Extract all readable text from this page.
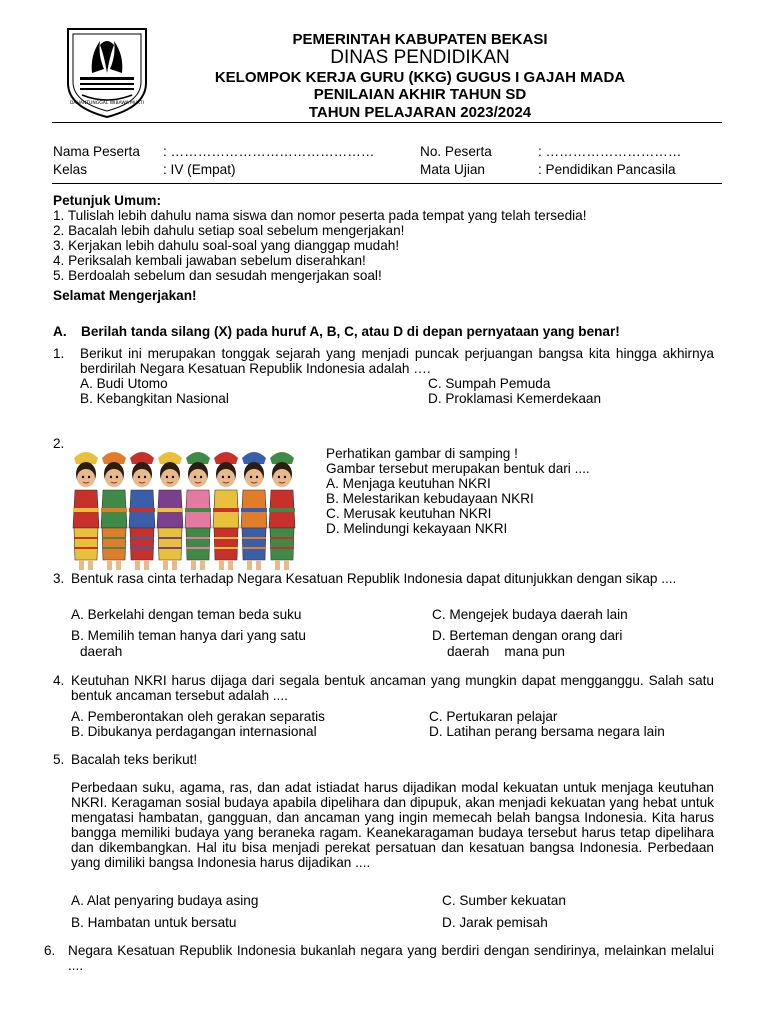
DAHANTUNGGAL WIBAWA MUKTI
PEMERINTAH KABUPATEN BEKASI
DINAS PENDIDIKAN
KELOMPOK KERJA GURU (KKG) GUGUS I GAJAH MADA
PENILAIAN AKHIR TAHUN SD
TAHUN PELAJARAN 2023/2024
Nama Peserta : ………………………………………	No. Peserta	: …………………………
Kelas	: IV (Empat)	Mata Ujian	: Pendidikan Pancasila
Petunjuk Umum:
1. Tulislah lebih dahulu nama siswa dan nomor peserta pada tempat yang telah tersedia!
2. Bacalah lebih dahulu setiap soal sebelum mengerjakan!
3. Kerjakan lebih dahulu soal-soal yang dianggap mudah!
4. Periksalah kembali jawaban sebelum diserahkan!
5. Berdoalah sebelum dan sesudah mengerjakan soal!
Selamat Mengerjakan!
A. Berilah tanda silang (X) pada huruf A, B, C, atau D di depan pernyataan yang benar!
1. Berikut ini merupakan tonggak sejarah yang menjadi puncak perjuangan bangsa kita hingga akhirnya berdirilah Negara Kesatuan Republik Indonesia adalah ….
A. Budi Utomo
B. Kebangkitan Nasional
C. Sumpah Pemuda
D. Proklamasi Kemerdekaan
2.
Perhatikan gambar di samping !
Gambar tersebut merupakan bentuk dari ....
A. Menjaga keutuhan NKRI
B. Melestarikan kebudayaan NKRI
C. Merusak keutuhan NKRI
D. Melindungi kekayaan NKRI
3. Bentuk rasa cinta terhadap Negara Kesatuan Republik Indonesia dapat ditunjukkan dengan sikap ....
A. Berkelahi dengan teman beda suku
B. Memilih teman hanya dari yang satu
daerah
C. Mengejek budaya daerah lain
D. Berteman dengan orang dari
daerah    mana pun
4. Keutuhan NKRI harus dijaga dari segala bentuk ancaman yang mungkin dapat mengganggu. Salah satu bentuk ancaman tersebut adalah ....
A. Pemberontakan oleh gerakan separatis
B. Dibukanya perdagangan internasional
C. Pertukaran pelajar
D. Latihan perang bersama negara lain
5. Bacalah teks berikut!
Perbedaan suku, agama, ras, dan adat istiadat harus dijadikan modal kekuatan untuk menjaga keutuhan NKRI. Keragaman sosial budaya apabila dipelihara dan dipupuk, akan menjadi kekuatan yang hebat untuk mengatasi hambatan, gangguan, dan ancaman yang ingin memecah belah bangsa Indonesia. Kita harus bangga memiliki budaya yang beraneka ragam. Keanekaragaman budaya tersebut harus tetap dipelihara dan dikembangkan. Hal itu bisa menjadi perekat persatuan dan kesatuan bangsa Indonesia. Perbedaan yang dimiliki bangsa Indonesia harus dijadikan ....
A. Alat penyaring budaya asing
B. Hambatan untuk bersatu
C. Sumber kekuatan
D. Jarak pemisah
6. Negara Kesatuan Republik Indonesia bukanlah negara yang berdiri dengan sendirinya, melainkan melalui ....
